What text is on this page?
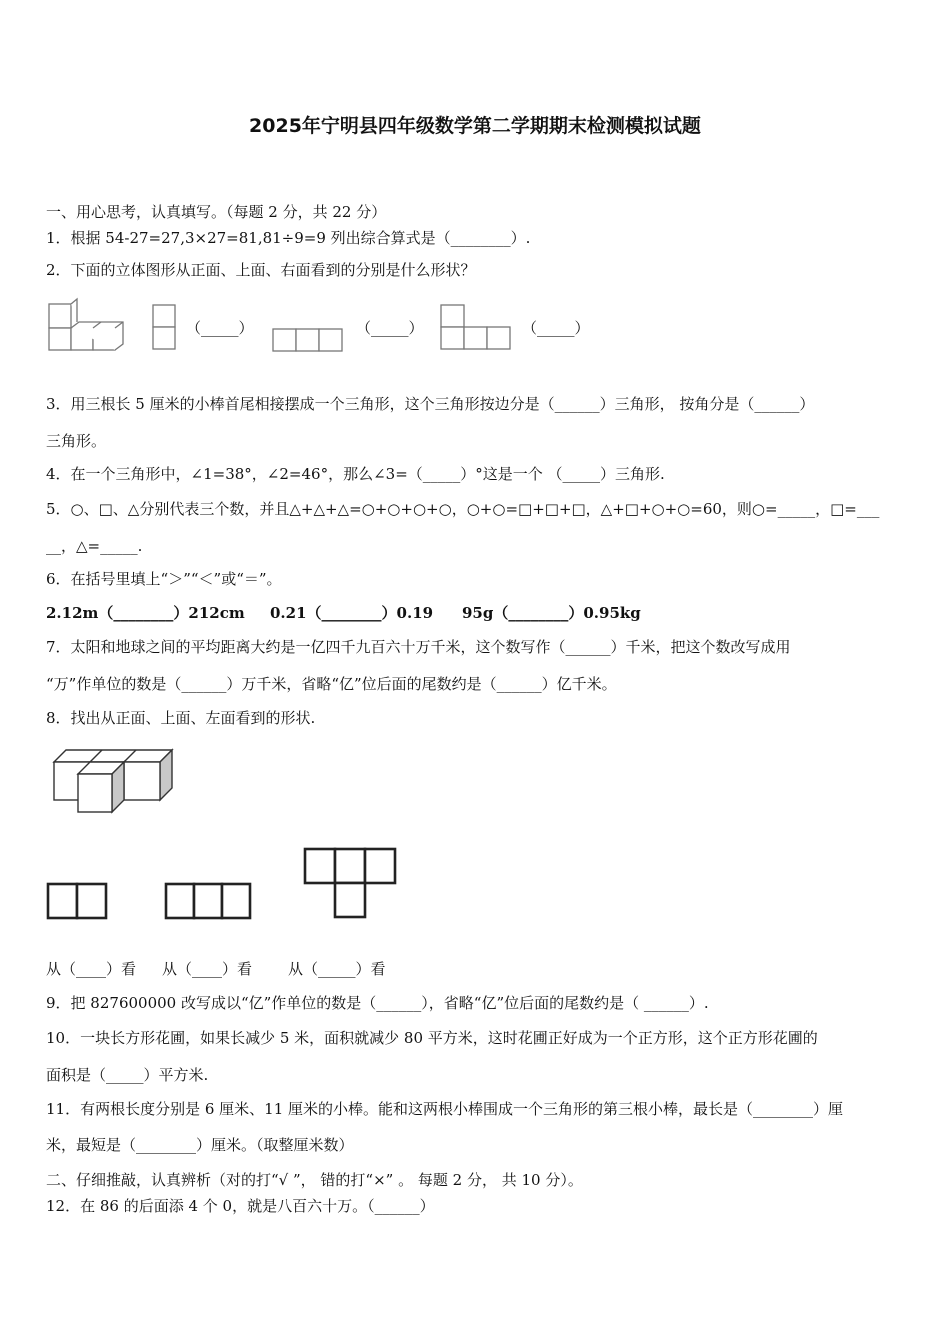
2025年宁明县四年级数学第二学期期末检测模拟试题
一、用心思考，认真填写。（每题 2 分，共 22 分）
1．根据 54-27=27,3×27=81,81÷9=9 列出综合算式是（________）.
2．下面的立体图形从正面、上面、右面看到的分别是什么形状？
（_____）	（_____）	（_____）
3．用三根长 5 厘米的小棒首尾相接摆成一个三角形，这个三角形按边分是（______）三角形， 按角分是（______）
三角形。
4．在一个三角形中，∠1=38°，∠2=46°，那么∠3=（_____）°这是一个 （_____）三角形.
5．○、□、△分别代表三个数，并且△+△+△=○+○+○+○，○+○=□+□+□，△+□+○+○=60，则○=_____，□=___
__，△=_____.
6．在括号里填上“＞”“＜”或“＝”。
2.12m（________）212cm 0.21（________）0.19 95g（________）0.95kg
7．太阳和地球之间的平均距离大约是一亿四千九百六十万千米，这个数写作（______）千米，把这个数改写成用
“万”作单位的数是（______）万千米，省略“亿”位后面的尾数约是（______）亿千米。
8．找出从正面、上面、左面看到的形状.
从（____）看 从（____）看 从（_____）看
9．把 827600000 改写成以“亿”作单位的数是（______），省略“亿”位后面的尾数约是（ ______）.
10．一块长方形花圃，如果长减少 5 米，面积就减少 80 平方米，这时花圃正好成为一个正方形，这个正方形花圃的
面积是（_____）平方米.
11．有两根长度分别是 6 厘米、11 厘米的小棒。能和这两根小棒围成一个三角形的第三根小棒，最长是（________）厘
米，最短是（________）厘米。（取整厘米数）
二、仔细推敲，认真辨析（对的打“√ ”， 错的打“×” 。 每题 2 分， 共 10 分）。
12．在 86 的后面添 4 个 0，就是八百六十万。（______）
